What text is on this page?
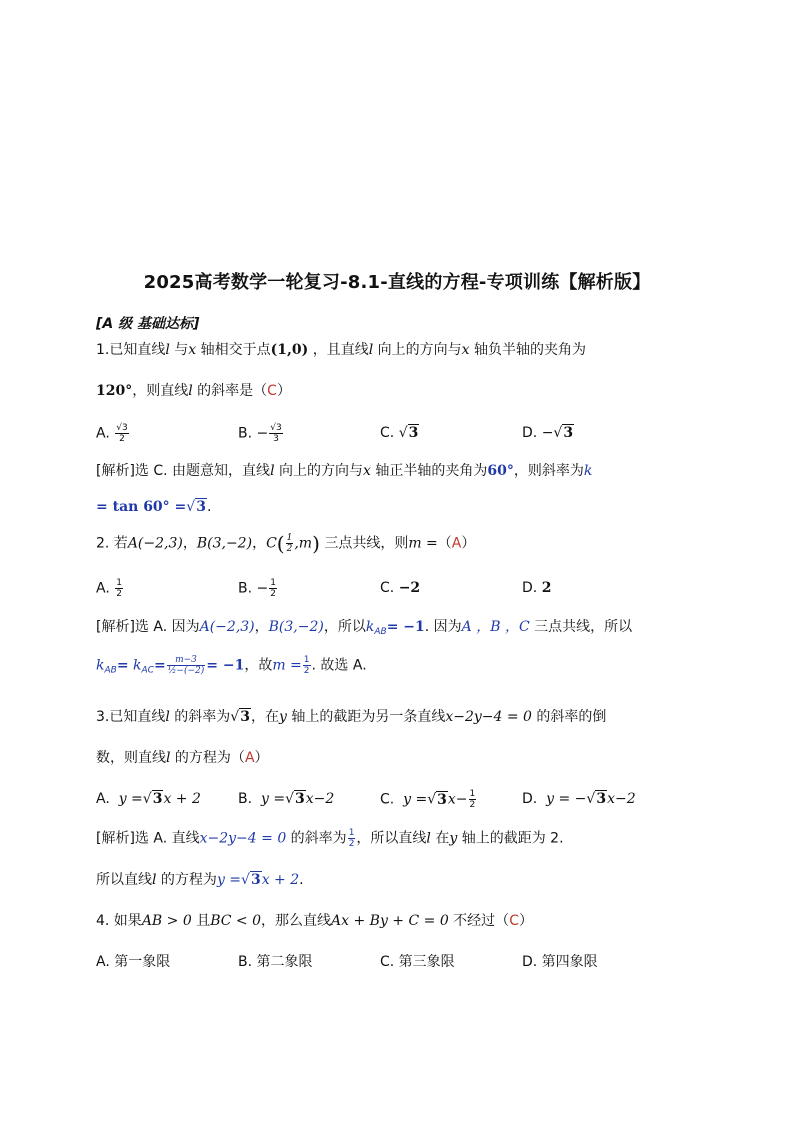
2025高考数学一轮复习-8.1-直线的方程-专项训练【解析版】
[A 级 基础达标]
1.已知直线l 与x 轴相交于点(1,0) ，且直线l 向上的方向与x 轴负半轴的夹角为
120°，则直线l 的斜率是（C）
A. $\frac{√3}{2}$	B. − $\frac{√3}{3}$	C. √3	D. −√3
[解析]选 C. 由题意知，直线l 向上的方向与x 轴正半轴的夹角为60°，则斜率为k
= tan 60° =√3.
2. 若A(−2,3)，B(3,−2)，$C( \frac{1}{2} ,m)$ 三点共线，则m =（A）
A. $\frac{1}{2}$	B. − $\frac{1}{2}$	C. −2	D. 2
[解析]选 A. 因为A(−2,3)，B(3,−2)，所以$k_{AB}= -1$. 因为A ，B ，C 三点共线，所以
$k_{AB}= k_{AC}= \frac{m-3}{\text{½−(−2)}} = -1$，故$m = \frac{1}{2}$ . 故选 A.
3.已知直线l 的斜率为√3，在y 轴上的截距为另一条直线x−2y−4 = 0 的斜率的倒
数，则直线l 的方程为（A）
A. y =√3x + 2	B. y =√3x−2	C. $y =√3x- \frac{1}{2}$	D. y = −√3x−2
[解析]选 A. 直线x−2y−4 = 0 的斜率为 $\frac{1}{2}$ ，所以直线l 在y 轴上的截距为 2.
所以直线l 的方程为y =√3x + 2.
4. 如果AB > 0 且BC < 0，那么直线Ax + By + C = 0 不经过（C）
A. 第一象限	B. 第二象限	C. 第三象限	D. 第四象限
